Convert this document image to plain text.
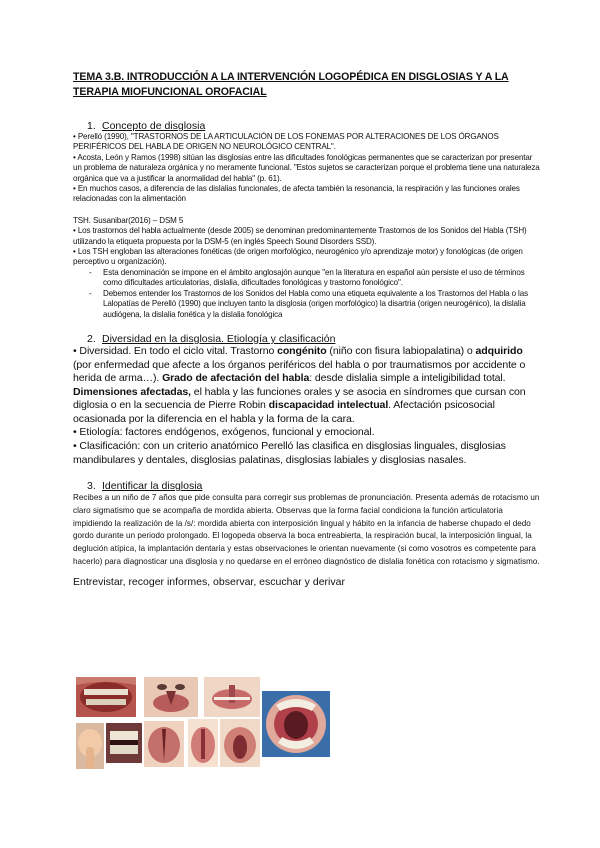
TEMA 3.B. INTRODUCCIÓN A LA INTERVENCIÓN LOGOPÉDICA EN DISGLOSIAS Y A LA

TERAPIA MIOFUNCIONAL OROFACIAL

1. Concepto de disglosia

• Perelló (1990), "TRASTORNOS DE LA ARTICULACIÓN DE LOS FONEMAS POR ALTERACIONES DE LOS ÓRGANOS PERIFÉRICOS DEL HABLA DE ORIGEN NO NEUROLÓGICO CENTRAL".

• Acosta, León y Ramos (1998) sitúan las disglosias entre las dificultades fonológicas permanentes que se caracterizan por presentar un problema de naturaleza orgánica y no meramente funcional. "Estos sujetos se caracterizan porque el problema tiene una naturaleza orgánica que va a justificar la anormalidad del habla" (p. 61).

• En muchos casos, a diferencia de las dislalias funcionales, de afecta también la resonancia, la respiración y las funciones orales relacionadas con la alimentación

TSH. Susanibar(2016) – DSM 5

• Los trastornos del habla actualmente (desde 2005) se denominan predominantemente Trastornos de los Sonidos del Habla (TSH) utilizando la etiqueta propuesta por la DSM-5 (en inglés Speech Sound Disorders SSD).

• Los TSH engloban las alteraciones fonéticas (de origen morfológico, neurogénico y/o aprendizaje motor) y fonológicas (de origen perceptivo u organización).

-	Esta denominación se impone en el ámbito anglosajón aunque "en la literatura en español aún persiste el uso de términos como dificultades articulatorias, dislalia, dificultades fonológicas y trastorno fonológico".
-	Debemos entender los Trastornos de los Sonidos del Habla como una etiqueta equivalente a los Trastornos del Habla o las Lalopatías de Perelló (1990) que incluyen tanto la disglosia (origen morfológico) la disartria (origen neurogénico), la dislalia audiógena, la dislalia fonética y la dislalia fonológica
2. Diversidad en la disglosia. Etiología y clasificación

• Diversidad. En todo el ciclo vital. Trastorno congénito (niño con fisura labiopalatina) o adquirido (por enfermedad que afecte a los órganos periféricos del habla o por traumatismos por accidente o herida de arma…). Grado de afectación del habla: desde dislalia simple a inteligibilidad total. Dimensiones afectadas, el habla y las funciones orales y se asocia en síndromes que cursan con diglosia o en la secuencia de Pierre Robin discapacidad intelectual. Afectación psicosocial ocasionada por la diferencia en el habla y la forma de la cara.

• Etiología: factores endógenos, exógenos, funcional y emocional.

• Clasificación: con un criterio anatómico Perelló las clasifica en disglosias linguales, disglosias mandibulares y dentales, disglosias palatinas, disglosias labiales y disglosias nasales.

3. Identificar la disglosia

Recibes a un niño de 7 años que pide consulta para corregir sus problemas de pronunciación. Presenta además de rotacismo un claro sigmatismo que se acompaña de mordida abierta. Observas que la forma facial condiciona la función articulatoria impidiendo la realización de la /s/: mordida abierta con interposición lingual y hábito en la infancia de haberse chupado el dedo gordo durante un periodo prolongado. El logopeda observa la boca entreabierta, la respiración bucal, la interposición lingual, la deglución atípica, la implantación dentaria y estas observaciones le orientan nuevamente (si como vosotros es competente para hacerlo) para diagnosticar una disglosia y no quedarse en el erróneo diagnóstico de dislalia fonética con rotacismo y sigmatismo.

Entrevistar, recoger informes, observar, escuchar y derivar
